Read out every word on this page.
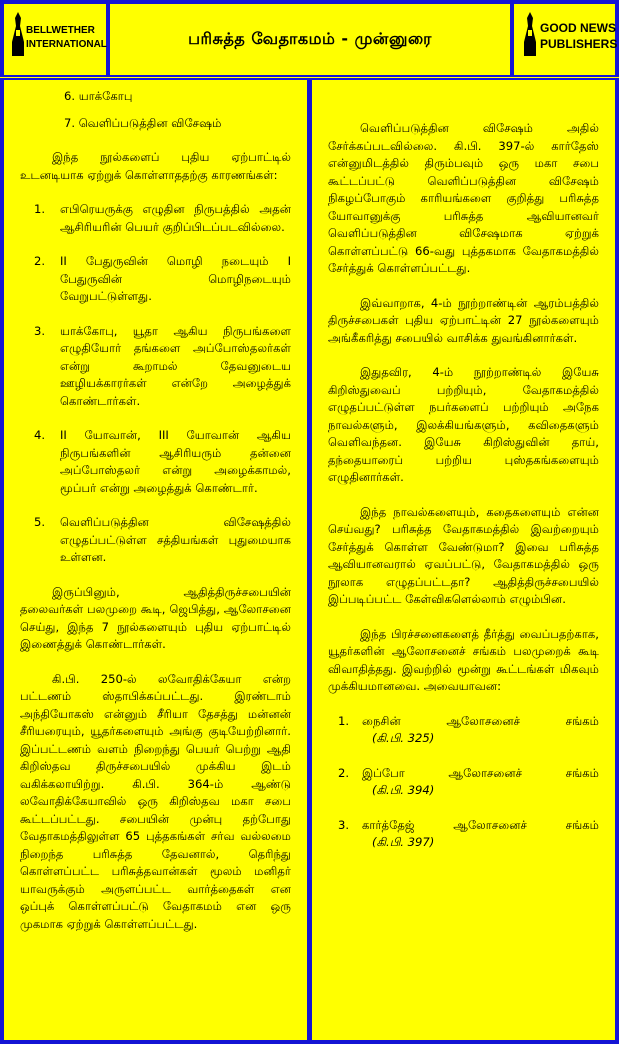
BELLWETHER
INTERNATIONAL	பரிசுத்த வேதாகமம் - முன்னுரை
GOOD NEWS
PUBLISHERS
6. யாக்கோபு
7. வெளிப்படுத்தின விசேஷம்

இந்த நூல்களைப் புதிய ஏற்பாட்டில் உடனடியாக ஏற்றுக் கொள்ளாததற்கு காரணங்கள்:

1.	எபிரெயருக்கு எழுதின நிருபத்தில் அதன் ஆசிரியரின் பெயர் குறிப்பிடப்படவில்லை.
2.	II பேதுருவின் மொழி நடையும் I பேதுருவின் மொழிநடையும் வேறுபட்டுள்ளது.
3.	யாக்கோபு, யூதா ஆகிய நிருபங்களை எழுதியோர் தங்களை அப்போஸ்தலர்கள் என்று கூறாமல் தேவனுடைய ஊழியக்காரர்கள் என்றே அழைத்துக் கொண்டார்கள்.
4.	II யோவான், III யோவான் ஆகிய நிருபங்களின் ஆசிரியரும் தன்னை அப்போஸ்தலர் என்று அழைக்காமல், மூப்பர் என்று அழைத்துக் கொண்டார்.
5.	வெளிப்படுத்தின விசேஷத்தில் எழுதப்பட்டுள்ள சத்தியங்கள் புதுமையாக உள்ளன.

இருப்பினும், ஆதித்திருச்சபையின் தலைவர்கள் பலமுறை கூடி, ஜெபித்து, ஆலோசனை செய்து, இந்த 7 நூல்களையும் புதிய ஏற்பாட்டில் இணைத்துக் கொண்டார்கள்.

கி.பி. 250-ல் லவோதிக்கேயா என்ற பட்டணம் ஸ்தாபிக்கப்பட்டது. இரண்டாம் அந்தியோகஸ் என்னும் சீரியா தேசத்து மன்னன் சீரியரையும், யூதர்களையும் அங்கு குடியேற்றினார். இப்பட்டணம் வளம் நிறைந்து பெயர் பெற்று ஆதி கிறிஸ்தவ திருச்சபையில் முக்கிய இடம் வகிக்கலாயிற்று. கி.பி. 364-ம் ஆண்டு லவோதிக்கேயாவில் ஒரு கிறிஸ்தவ மகா சபை கூட்டப்பட்டது. சபையின் முன்பு தற்போது வேதாகமத்திலுள்ள 65 புத்தகங்கள் சர்வ வல்லமை நிறைந்த பரிசுத்த தேவனால், தெரிந்து கொள்ளப்பட்ட பரிசுத்தவான்கள் மூலம் மனிதர் யாவருக்கும் அருளப்பட்ட வார்த்தைகள் என ஒப்புக் கொள்ளப்பட்டு வேதாகமம் என ஒரு முகமாக ஏற்றுக் கொள்ளப்பட்டது.

வெளிப்படுத்தின விசேஷம் அதில் சேர்க்கப்படவில்லை. கி.பி. 397-ல் கார்தேஸ் என்னுமிடத்தில் திரும்பவும் ஒரு மகா சபை கூட்டப்பட்டு வெளிப்படுத்தின விசேஷம் நிகழப்போகும் காரியங்களை குறித்து பரிசுத்த யோவானுக்கு பரிசுத்த ஆவியானவர் வெளிப்படுத்தின விசேஷமாக ஏற்றுக் கொள்ளப்பட்டு 66-வது புத்தகமாக வேதாகமத்தில் சேர்த்துக் கொள்ளப்பட்டது.

இவ்வாறாக, 4-ம் நூற்றாண்டின் ஆரம்பத்தில் திருச்சபைகள் புதிய ஏற்பாட்டின் 27 நூல்களையும் அங்கீகரித்து சபையில் வாசிக்க துவங்கினார்கள்.

இதுதவிர, 4-ம் நூற்றாண்டில் இயேசு கிறிஸ்துவைப் பற்றியும், வேதாகமத்தில் எழுதப்பட்டுள்ள நபர்களைப் பற்றியும் அநேக நாவல்களும், இலக்கியங்களும், கவிதைகளும் வெளிவந்தன. இயேசு கிறிஸ்துவின் தாய், தந்தையாரைப் பற்றிய புஸ்தகங்களையும் எழுதினார்கள்.

இந்த நாவல்களையும், கதைகளையும் என்ன செய்வது? பரிசுத்த வேதாகமத்தில் இவற்றையும் சேர்த்துக் கொள்ள வேண்டுமா? இவை பரிசுத்த ஆவியானவரால் ஏவப்பட்டு, வேதாகமத்தில் ஒரு நூலாக எழுதப்பட்டதா? ஆதித்திருச்சபையில் இப்படிப்பட்ட கேள்விகளெல்லாம் எழும்பின.

இந்த பிரச்சனைகளைத் தீர்த்து வைப்பதற்காக, யூதர்களின் ஆலோசனைச் சங்கம் பலமுறைக் கூடி விவாதித்தது. இவற்றில் மூன்று கூட்டங்கள் மிகவும் முக்கியமானவை. அவையாவன:

1.	நைசின்	ஆலோசனைச்	சங்கம்
(கி.பி. 325)
2.	இப்போ	ஆலோசனைச்	சங்கம்
(கி.பி. 394)
3.	கார்த்தேஜ்	ஆலோசனைச்	சங்கம்
(கி.பி. 397)
